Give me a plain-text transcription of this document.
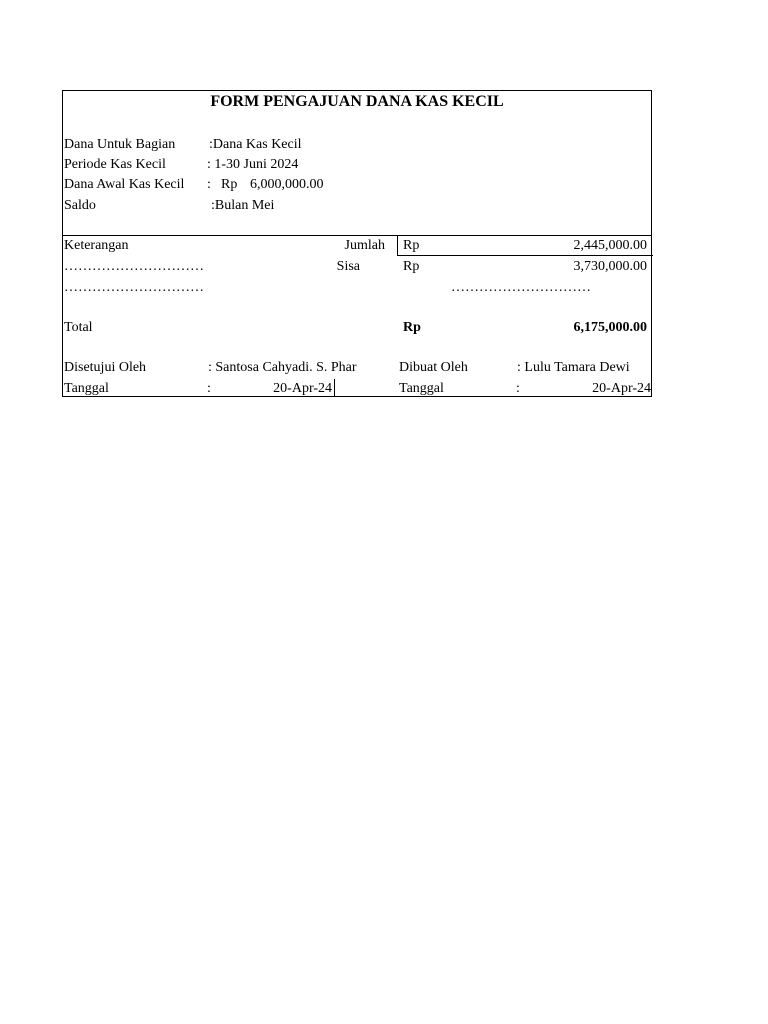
FORM PENGAJUAN DANA KAS KECIL
Dana Untuk Bagian :Dana Kas Kecil
Periode Kas Kecil	: 1-30 Juni 2024
Dana Awal Kas Kecil : Rp 6,000,000.00
Saldo	:Bulan Mei
Keterangan	Jumlah Rp	2,445,000.00
…………………………	Sisa	Rp	3,730,000.00
…………………………	…………………………
Total	Rp	6,175,000.00
Disetujui Oleh	: Santosa Cahyadi. S. Phar	Dibuat Oleh	: Lulu Tamara Dewi
Tanggal	:	20-Apr-24	Tanggal	:	20-Apr-24
